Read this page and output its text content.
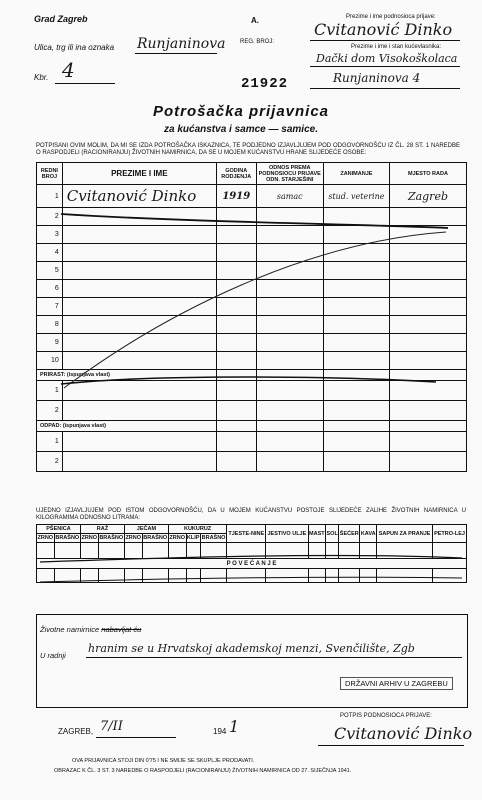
Grad Zagreb
Ulica, trg ili ina oznaka Runjaninova
Kbr. 4
A.
REG. BROJ:
21922
Prezime i ime podnosioca prijave:
Cvitanović Dinko
Prezime i ime i stan kućevlasnika:
Dački dom Visokoškolaca
Runjaninova 4
Potrošačka prijavnica
za kućanstva i samce — samice.
POTPISANI OVIM MOLIM, DA MI SE IZDA POTROŠAČKA ISKAZNICA, TE PODJEDNO IZJAVLJUJEM POD ODGOVORNOŠĆU IZ ČL. 28 ST. 1 NAREDBE O RASPODJELI (RACIONIRANJU) ŽIVOTNIH NAMIRNICA, DA SE U MOJEM KUĆANSTVU HRANE SLIJEDEĆE OSOBE:
REDNI BROJ	PREZIME I IME	GODINA RODJENJA	ODNOS PREMA PODNOSIOCU PRIJAVE ODN. STARJEŠINI	ZANIMANJE	MJESTO RADA
1	Cvitanović Dinko	1919	samac	stud. veterine	Zagreb
2					
3					
4					
5					
6					
7					
8					
9					
10					
PRIRAST: (ispunjava vlast)					
1					
2					
ODPAD: (ispunjava vlast)					
1					
2					
UJEDNO IZJAVLJUJEM POD ISTOM ODGOVORNOŠĆU, DA U MOJEM KUĆANSTVU POSTOJE SLIJEDEĆE ZALIHE ŽIVOTNIH NAMIRNICA U KILOGRAMIMA ODNOSNO LITRAMA:
PŠENICA		RAŽ		JEČAM		KUKURUZ			TJESTE-NINE	JESTIVO ULJE	MAST	SOL	ŠEĆER	KAVA	SAPUN ZA PRANJE	PETRO-LEJ
ZRNO	BRAŠNO	ZRNO	BRAŠNO	ZRNO	BRAŠNO	ZRNO	KLIP	BRAŠNO								

P O V E Ć A N J E																

Životne namirnice nabavljat ću
U radnji
hranim se u Hrvatskoj akademskoj menzi, Svenčilište, Zgb
DRŽAVNI ARHIV U ZAGREBU
ZAGREB, 7/II	194 1
POTPIS PODNOSIOCA PRIJAVE:
Cvitanović Dinko
OVA PRIJAVNICA STOJI DIN 0'75 I NE SMIJE SE SKUPLJE PRODAVATI.
OBRAZAC K ČL. 3 ST. 3 NAREDBE O RASPODJELI (RACIONIRANJU) ŽIVOTNIH NAMIRNICA OD 27. SIJEČNJA 1941.
